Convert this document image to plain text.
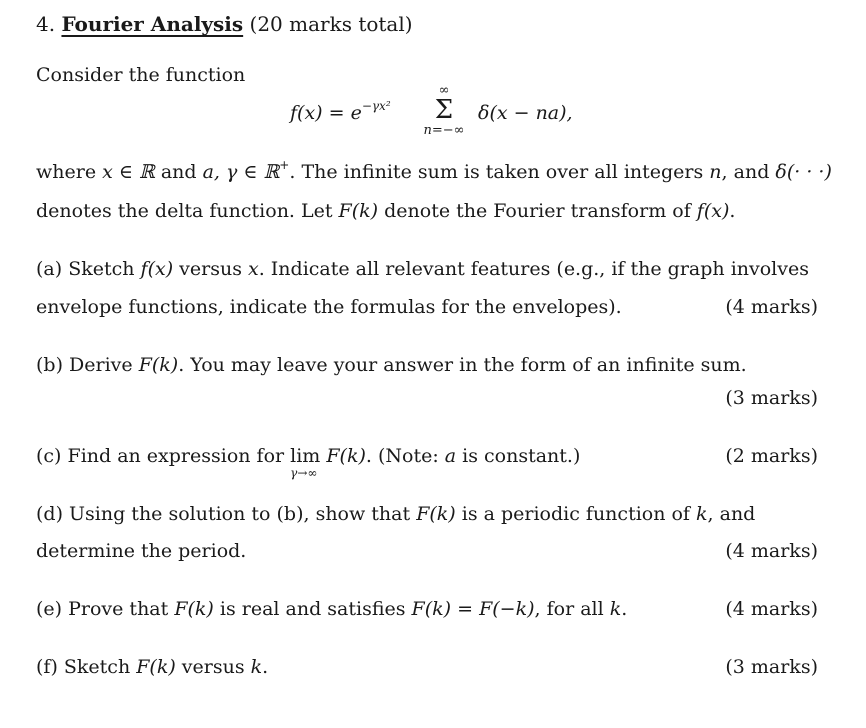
4. Fourier Analysis (20 marks total)
Consider the function
$f(x) = e^{-\gamma x^2}$
∞
Σ
n=−∞
δ(x − na),
where x ∈ ℝ and a, γ ∈ ℝ+. The infinite sum is taken over all integers n, and δ(· · ·)
denotes the delta function. Let F(k) denote the Fourier transform of f(x).
(a) Sketch f(x) versus x. Indicate all relevant features (e.g., if the graph involves
envelope functions, indicate the formulas for the envelopes).	(4 marks)
(b) Derive F(k). You may leave your answer in the form of an infinite sum.
(3 marks)
(c) Find an expression for lim
γ→∞
F(k). (Note: a is constant.)	(2 marks)
(d) Using the solution to (b), show that F(k) is a periodic function of k, and
determine the period.	(4 marks)
(e) Prove that F(k) is real and satisfies F(k) = F(−k), for all k.	(4 marks)
(f) Sketch F(k) versus k.	(3 marks)
